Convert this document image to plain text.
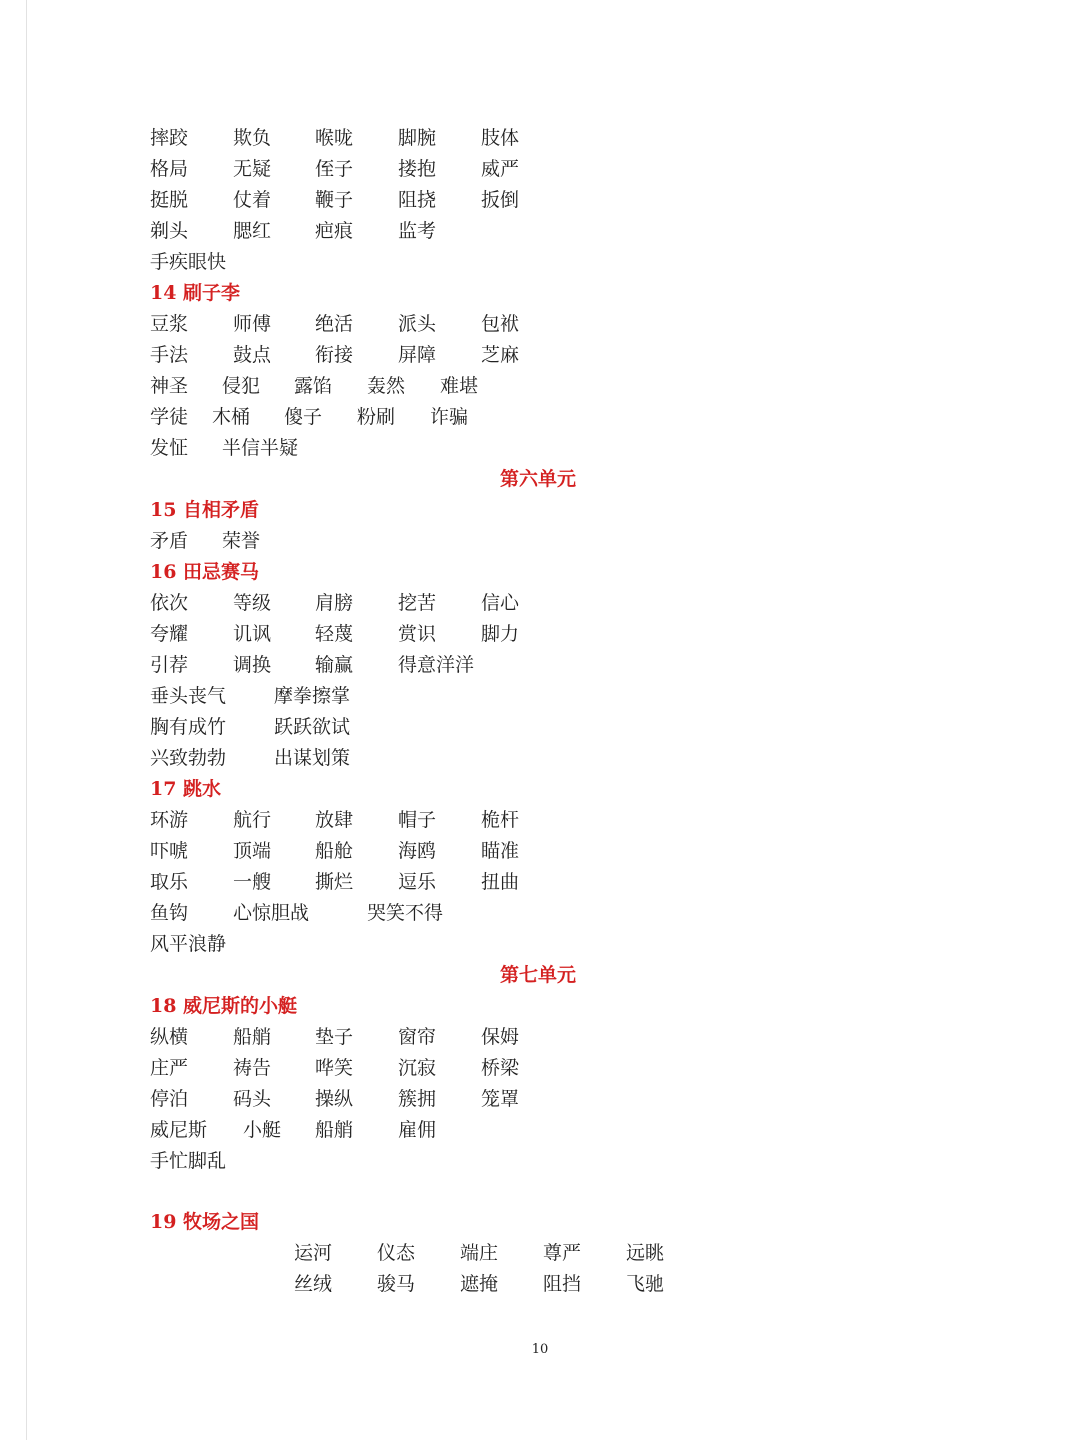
摔跤 欺负 喉咙 脚腕 肢体
格局 无疑 侄子 搂抱 威严
挺脱 仗着 鞭子 阻挠 扳倒
剃头 腮红 疤痕 监考
手疾眼快
14 刷子李
豆浆 师傅 绝活 派头 包袱
手法 鼓点 衔接 屏障 芝麻
神圣 侵犯 露馅 轰然 难堪
学徒 木桶 傻子 粉刷 诈骗
发怔 半信半疑
第六单元
15 自相矛盾
矛盾 荣誉
16 田忌赛马
依次 等级 肩膀 挖苦 信心
夸耀 讥讽 轻蔑 赏识 脚力
引荐 调换 输赢 得意洋洋
垂头丧气	摩拳擦掌
胸有成竹	跃跃欲试
兴致勃勃	出谋划策
17 跳水
环游 航行 放肆 帽子 桅杆
吓唬 顶端 船舱 海鸥 瞄准
取乐 一艘 撕烂 逗乐 扭曲
鱼钩 心惊胆战	哭笑不得
风平浪静
第七单元
18 威尼斯的小艇
纵横 船艄 垫子 窗帘 保姆
庄严 祷告 哗笑 沉寂 桥梁
停泊 码头 操纵 簇拥 笼罩
威尼斯 小艇 船艄 雇佣
手忙脚乱
19 牧场之国
运河 仪态 端庄 尊严 远眺
丝绒 骏马 遮掩 阻挡 飞驰
10
